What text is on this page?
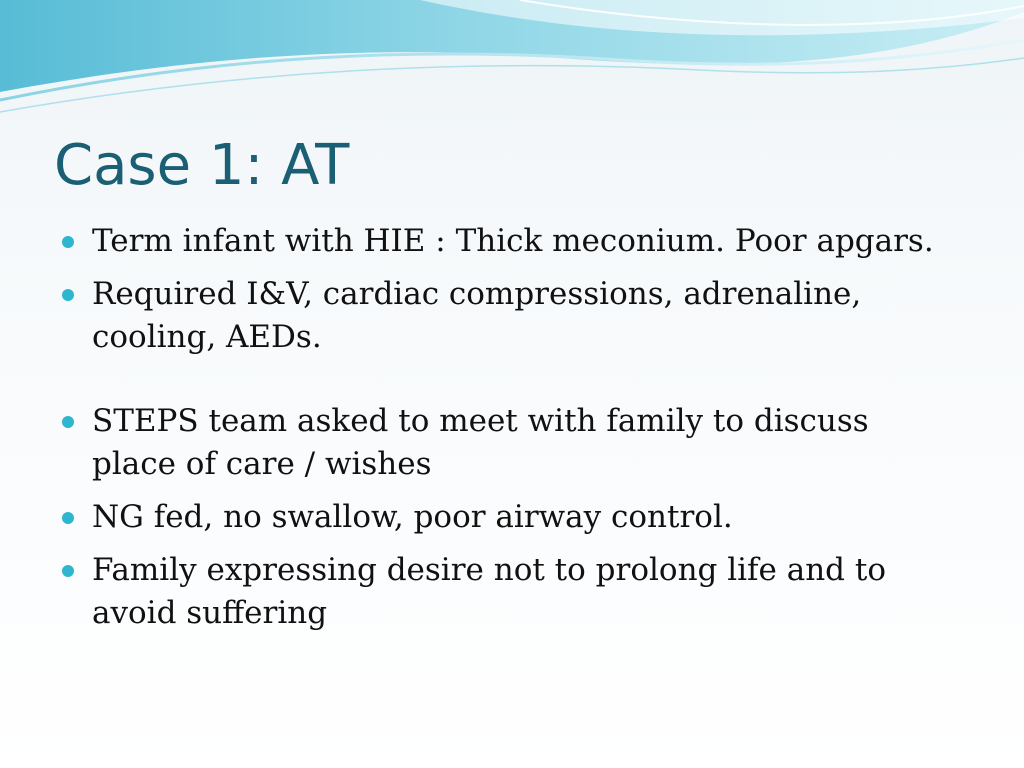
Case 1: AT
Term infant with HIE : Thick meconium. Poor apgars.
Required I&V, cardiac compressions, adrenaline, cooling, AEDs.
STEPS team asked to meet with family to discuss place of care / wishes
NG fed, no swallow, poor airway control.
Family expressing desire not to prolong life and to avoid suffering
